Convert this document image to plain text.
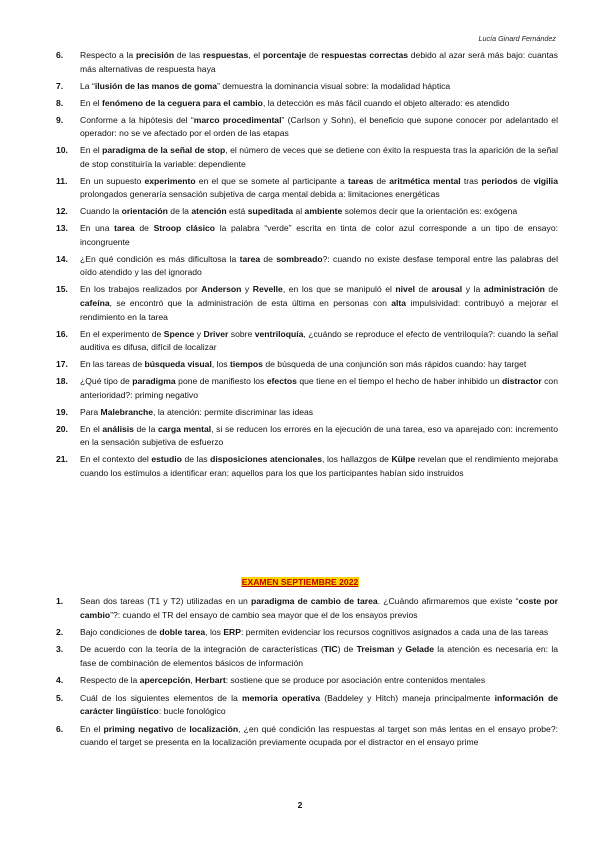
Lucía Ginard Fernández
6. Respecto a la precisión de las respuestas, el porcentaje de respuestas correctas debido al azar será más bajo: cuantas más alternativas de respuesta haya
7. La “ilusión de las manos de goma” demuestra la dominancia visual sobre: la modalidad háptica
8. En el fenómeno de la ceguera para el cambio, la detección es más fácil cuando el objeto alterado: es atendido
9. Conforme a la hipótesis del “marco procedimental” (Carlson y Sohn), el beneficio que supone conocer por adelantado el operador: no se ve afectado por el orden de las etapas
10. En el paradigma de la señal de stop, el número de veces que se detiene con éxito la respuesta tras la aparición de la señal de stop constituiría la variable: dependiente
11. En un supuesto experimento en el que se somete al participante a tareas de aritmética mental tras periodos de vigilia prolongados generaría sensación subjetiva de carga mental debida a: limitaciones energéticas
12. Cuando la orientación de la atención está supeditada al ambiente solemos decir que la orientación es: exógena
13. En una tarea de Stroop clásico la palabra “verde” escrita en tinta de color azul corresponde a un tipo de ensayo: incongruente
14. ¿En qué condición es más dificultosa la tarea de sombreado?: cuando no existe desfase temporal entre las palabras del oído atendido y las del ignorado
15. En los trabajos realizados por Anderson y Revelle, en los que se manipuló el nivel de arousal y la administración de cafeína, se encontró que la administración de esta última en personas con alta impulsividad: contribuyó a mejorar el rendimiento en la tarea
16. En el experimento de Spence y Driver sobre ventriloquía, ¿cuándo se reproduce el efecto de ventriloquía?: cuando la señal auditiva es difusa, difícil de localizar
17. En las tareas de búsqueda visual, los tiempos de búsqueda de una conjunción son más rápidos cuando: hay target
18. ¿Qué tipo de paradigma pone de manifiesto los efectos que tiene en el tiempo el hecho de haber inhibido un distractor con anterioridad?: priming negativo
19. Para Malebranche, la atención: permite discriminar las ideas
20. En el análisis de la carga mental, si se reducen los errores en la ejecución de una tarea, eso va aparejado con: incremento en la sensación subjetiva de esfuerzo
21. En el contexto del estudio de las disposiciones atencionales, los hallazgos de Külpe revelan que el rendimiento mejoraba cuando los estímulos a identificar eran: aquellos para los que los participantes habían sido instruidos
EXAMEN SEPTIEMBRE 2022
1. Sean dos tareas (T1 y T2) utilizadas en un paradigma de cambio de tarea. ¿Cuándo afirmaremos que existe “coste por cambio”?: cuando el TR del ensayo de cambio sea mayor que el de los ensayos previos
2. Bajo condiciones de doble tarea, los ERP: permiten evidenciar los recursos cognitivos asignados a cada una de las tareas
3. De acuerdo con la teoría de la integración de características (TIC) de Treisman y Gelade la atención es necesaria en: la fase de combinación de elementos básicos de información
4. Respecto de la apercepción, Herbart: sostiene que se produce por asociación entre contenidos mentales
5. Cuál de los siguientes elementos de la memoria operativa (Baddeley y Hitch) maneja principalmente información de carácter lingüístico: bucle fonológico
6. En el priming negativo de localización, ¿en qué condición las respuestas al target son más lentas en el ensayo probe?: cuando el target se presenta en la localización previamente ocupada por el distractor en el ensayo prime
2
